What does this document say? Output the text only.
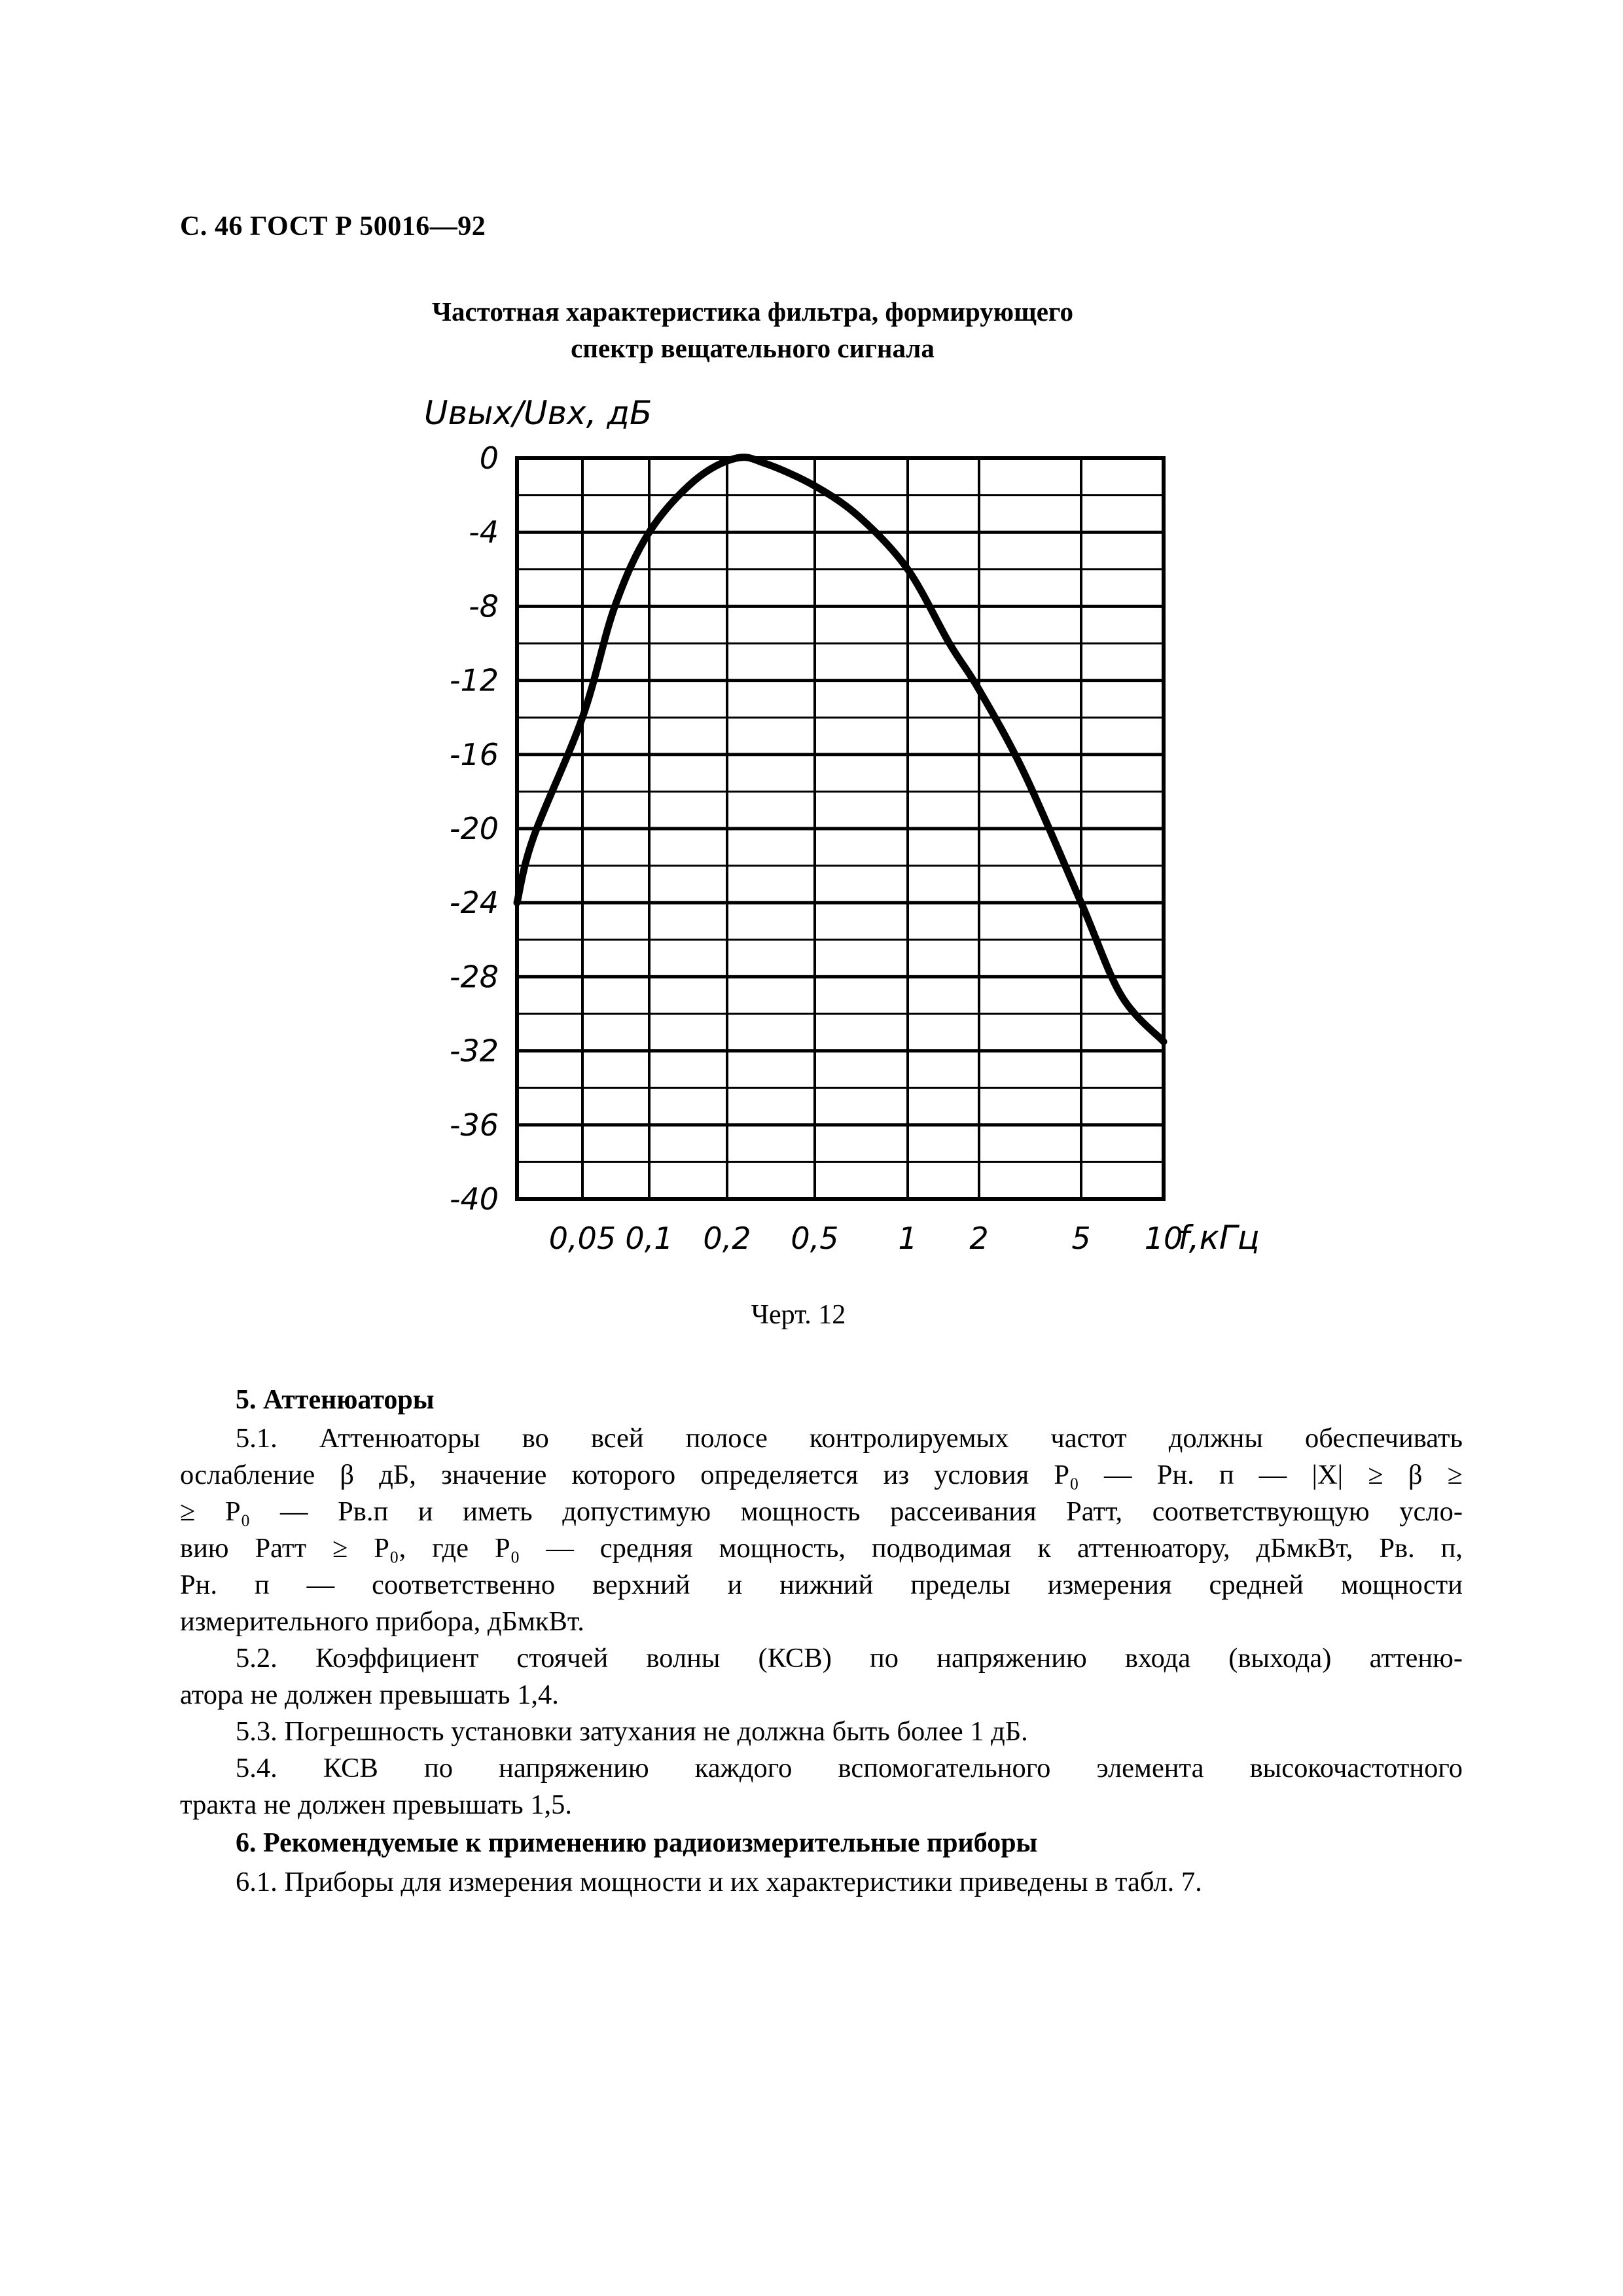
С. 46 ГОСТ Р 50016—92
Частотная характеристика фильтра, формирующего
спектр вещательного сигнала
0
-4
-8
-12
-16
-20
-24
-28
-32
-36
-40
0,05 0,1 0,2 0,5 1 2	5 10
Uвых/Uвх, дБ
f,кГц
Черт. 12
5. Аттенюаторы
5.1. Аттенюаторы во всей полосе контролируемых частот должны обеспечивать
ослабление β дБ, значение которого определяется из условия P₀ — Pн. п — |X| ≥ β ≥
≥ P₀ — Pв.п и иметь допустимую мощность рассеивания Pатт, соответствующую усло-
вию Pатт ≥ P₀, где P₀ — средняя мощность, подводимая к аттенюатору, дБмкВт, Pв. п,
Pн. п — соответственно верхний и нижний пределы измерения средней мощности
измерительного прибора, дБмкВт.
5.2. Коэффициент стоячей волны (КСВ) по напряжению входа (выхода) аттеню-
атора не должен превышать 1,4.
5.3. Погрешность установки затухания не должна быть более 1 дБ.
5.4. КСВ по напряжению каждого вспомогательного элемента высокочастотного
тракта не должен превышать 1,5.
6. Рекомендуемые к применению радиоизмерительные приборы
6.1. Приборы для измерения мощности и их характеристики приведены в табл. 7.
